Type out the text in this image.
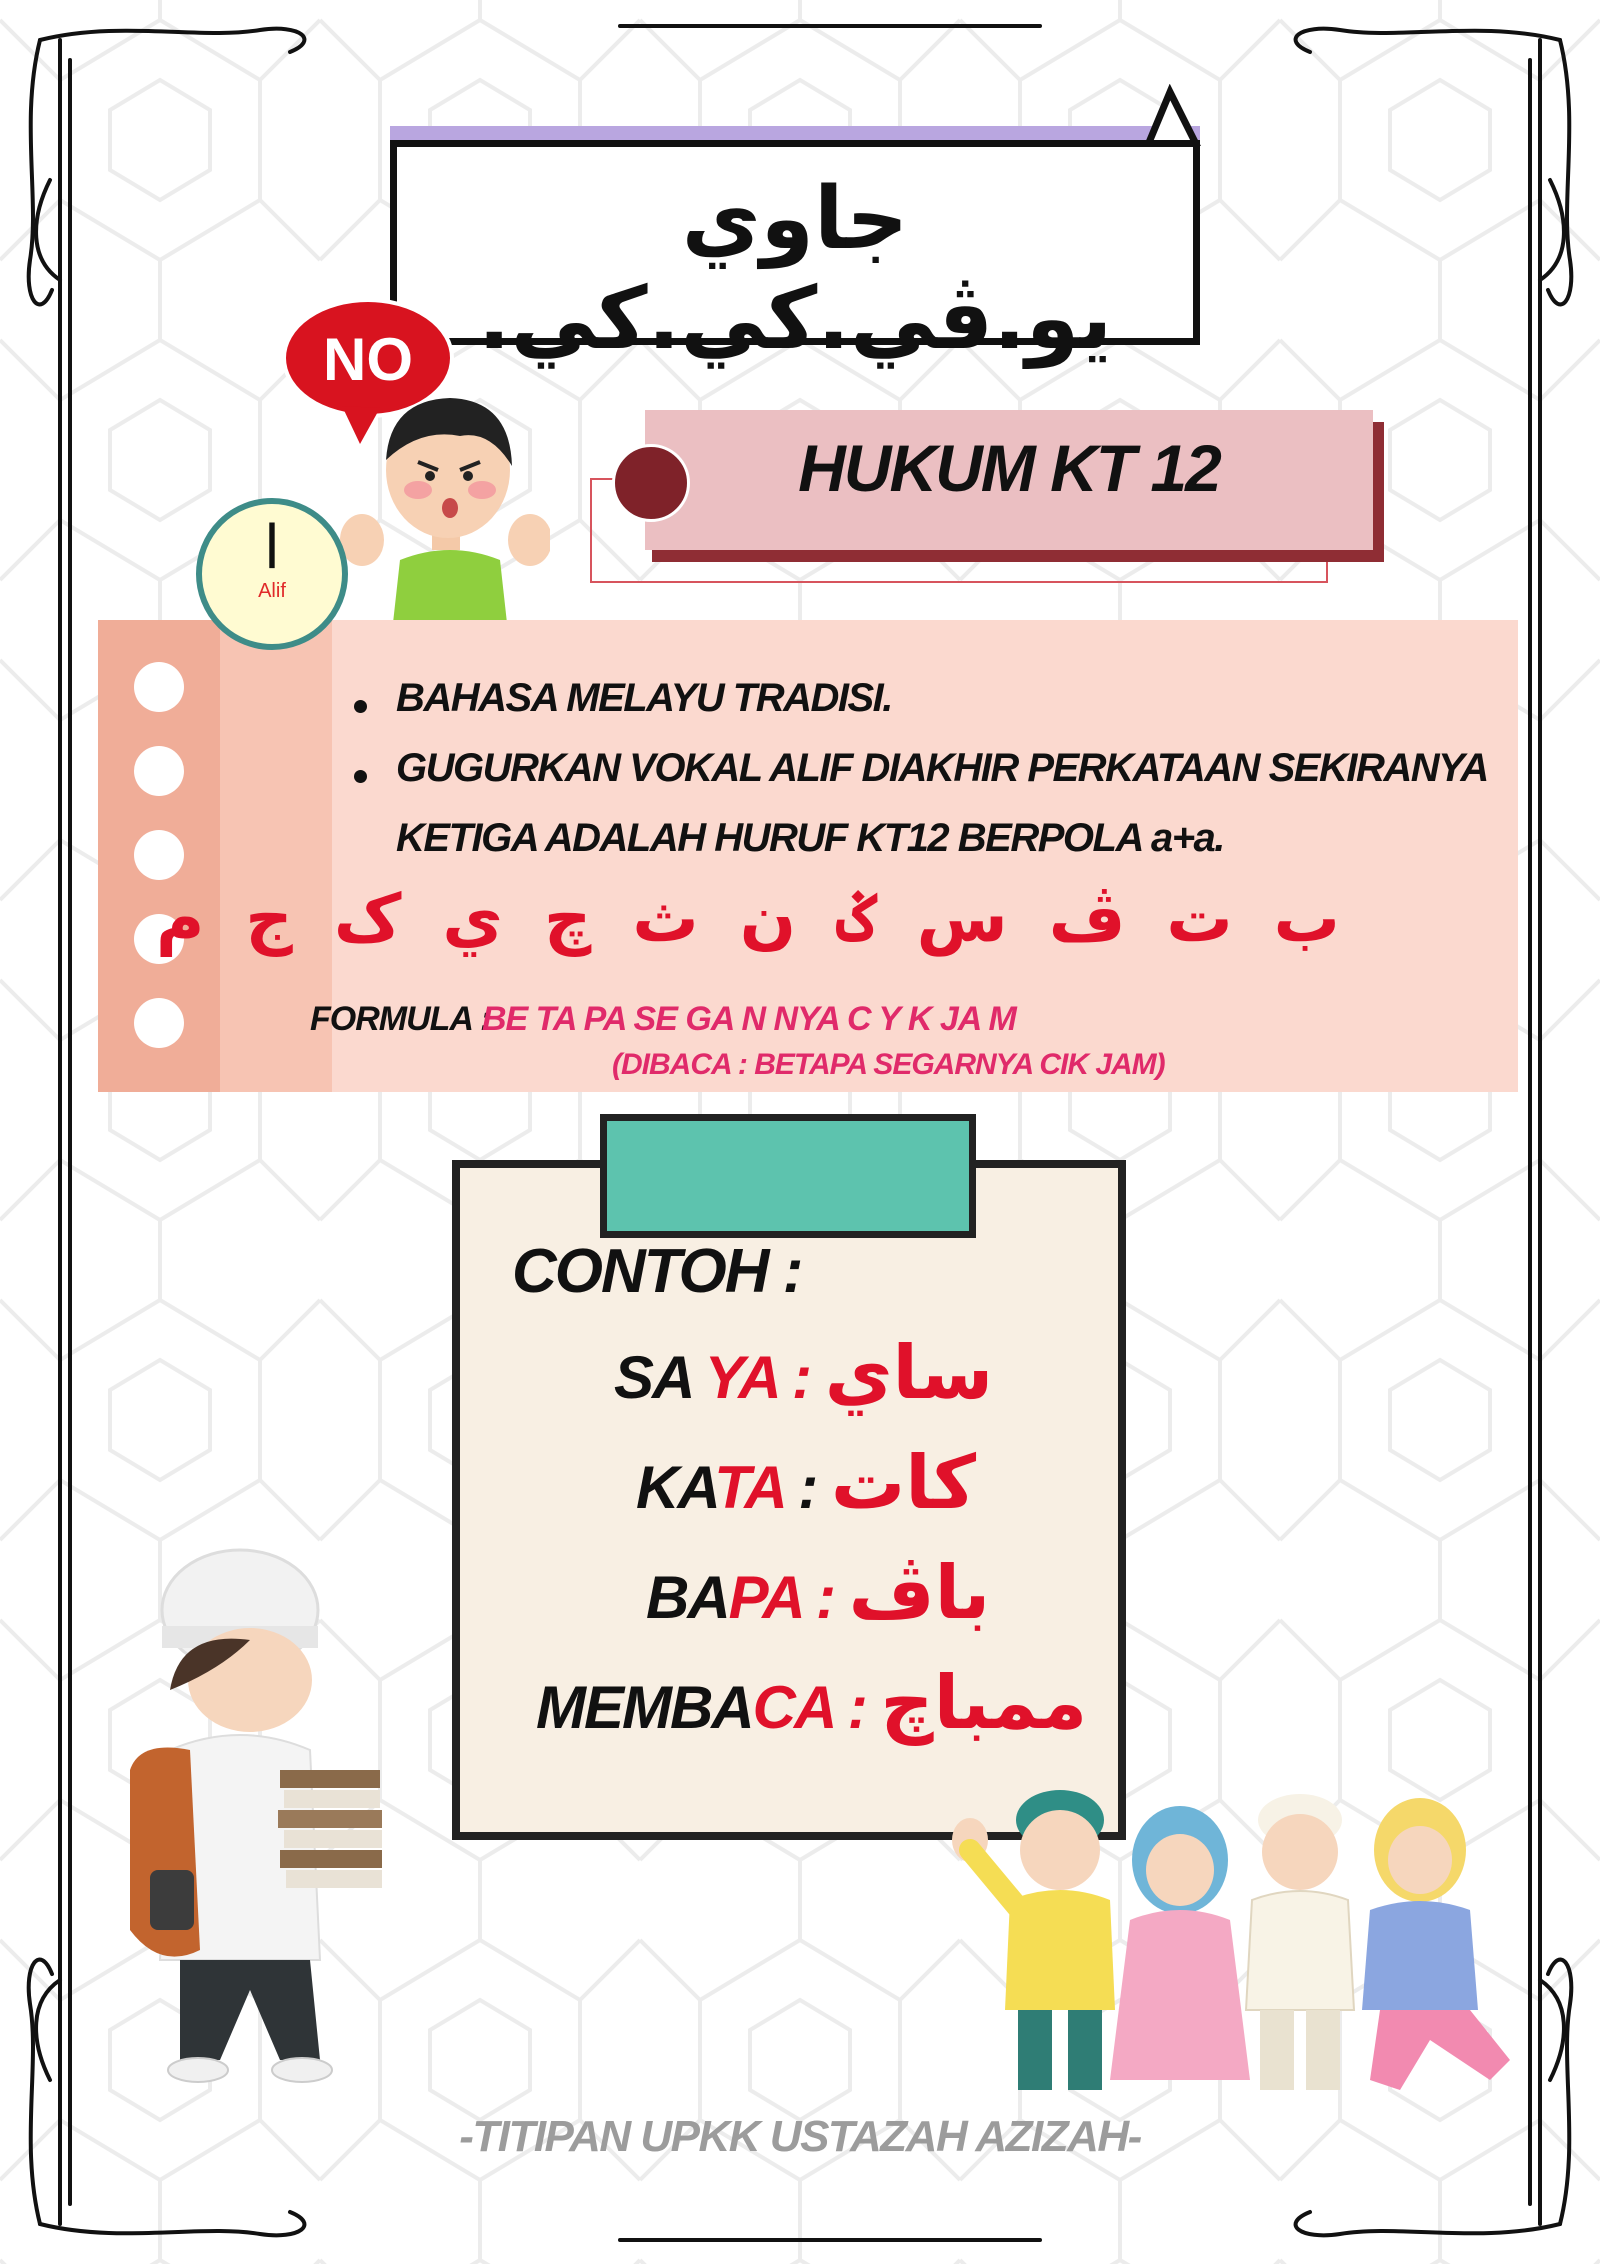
جاوي يو.ڤي.كي.كي.
NO
HUKUM KT 12
ا
Alif
BAHASA MELAYU TRADISI.
GUGURKAN VOKAL ALIF DIAKHIR PERKATAAN SEKIRANYA
KETIGA ADALAH HURUF KT12 BERPOLA a+a.
ب ت ڤ س ݢ ن ث چ ي ک ج م
FORMULA :
BE TA PA SE GA N NYA C Y K JA M
(DIBACA : BETAPA SEGARNYA CIK JAM)
CONTOH :
SA YA : ساي
KATA : کات
BAPA : باڤ
MEMBACA : ممباچ
-TITIPAN UPKK USTAZAH AZIZAH-
